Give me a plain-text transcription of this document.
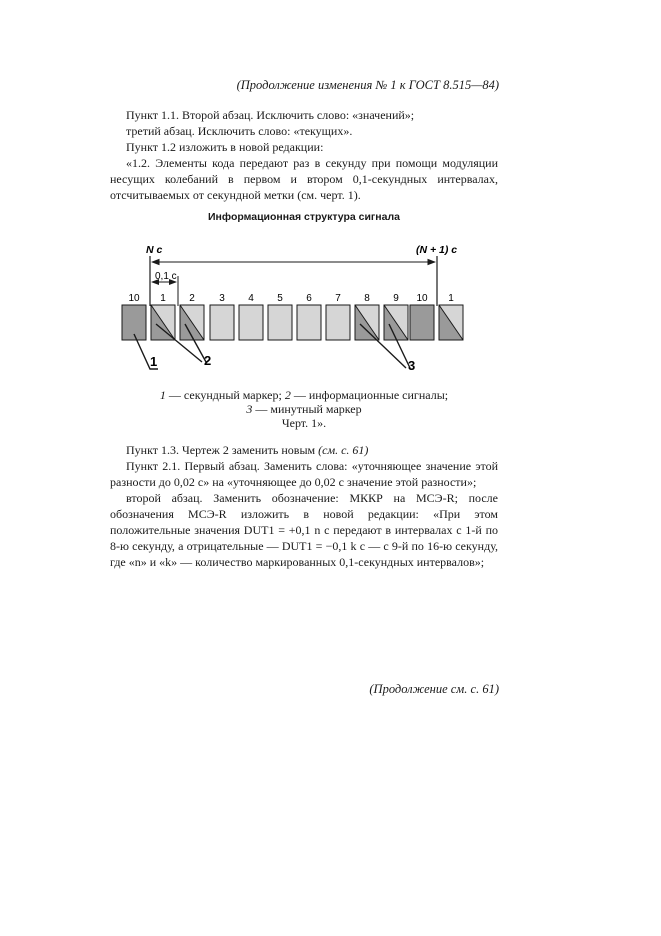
(Продолжение изменения № 1 к ГОСТ 8.515—84)

Пункт 1.1. Второй абзац. Исключить слово: «значений»;

третий абзац. Исключить слово: «текущих».

Пункт 1.2 изложить в новой редакции:

«1.2. Элементы кода передают раз в секунду при помощи модуляции несущих колебаний в первом и втором 0,1-секундных интервалах, отсчитываемых от секундной метки (см. черт. 1).

Информационная структура сигнала
N c	(N + 1) c
0,1 c
10 1 2 3 4 5 6 7 8 9 10 1
1	2	3

1 — секундный маркер; 2 — информационные сигналы;

3 — минутный маркер

Черт. 1».

Пункт 1.3. Чертеж 2 заменить новым (см. с. 61)

Пункт 2.1. Первый абзац. Заменить слова: «уточняющее значение этой разности до 0,02 с» на «уточняющее до 0,02 с значение этой разности»;

второй абзац. Заменить обозначение: МККР на МСЭ-R; после обозначения МСЭ-R изложить в новой редакции: «При этом положительные значения DUT1 = +0,1 n с передают в интервалах с 1-й по 8-ю секунду, а отрицательные — DUT1 = −0,1 k с — с 9-й по 16-ю секунду, где «n» и «k» — количество маркированных 0,1-секундных интервалов»;

(Продолжение см. с. 61)
